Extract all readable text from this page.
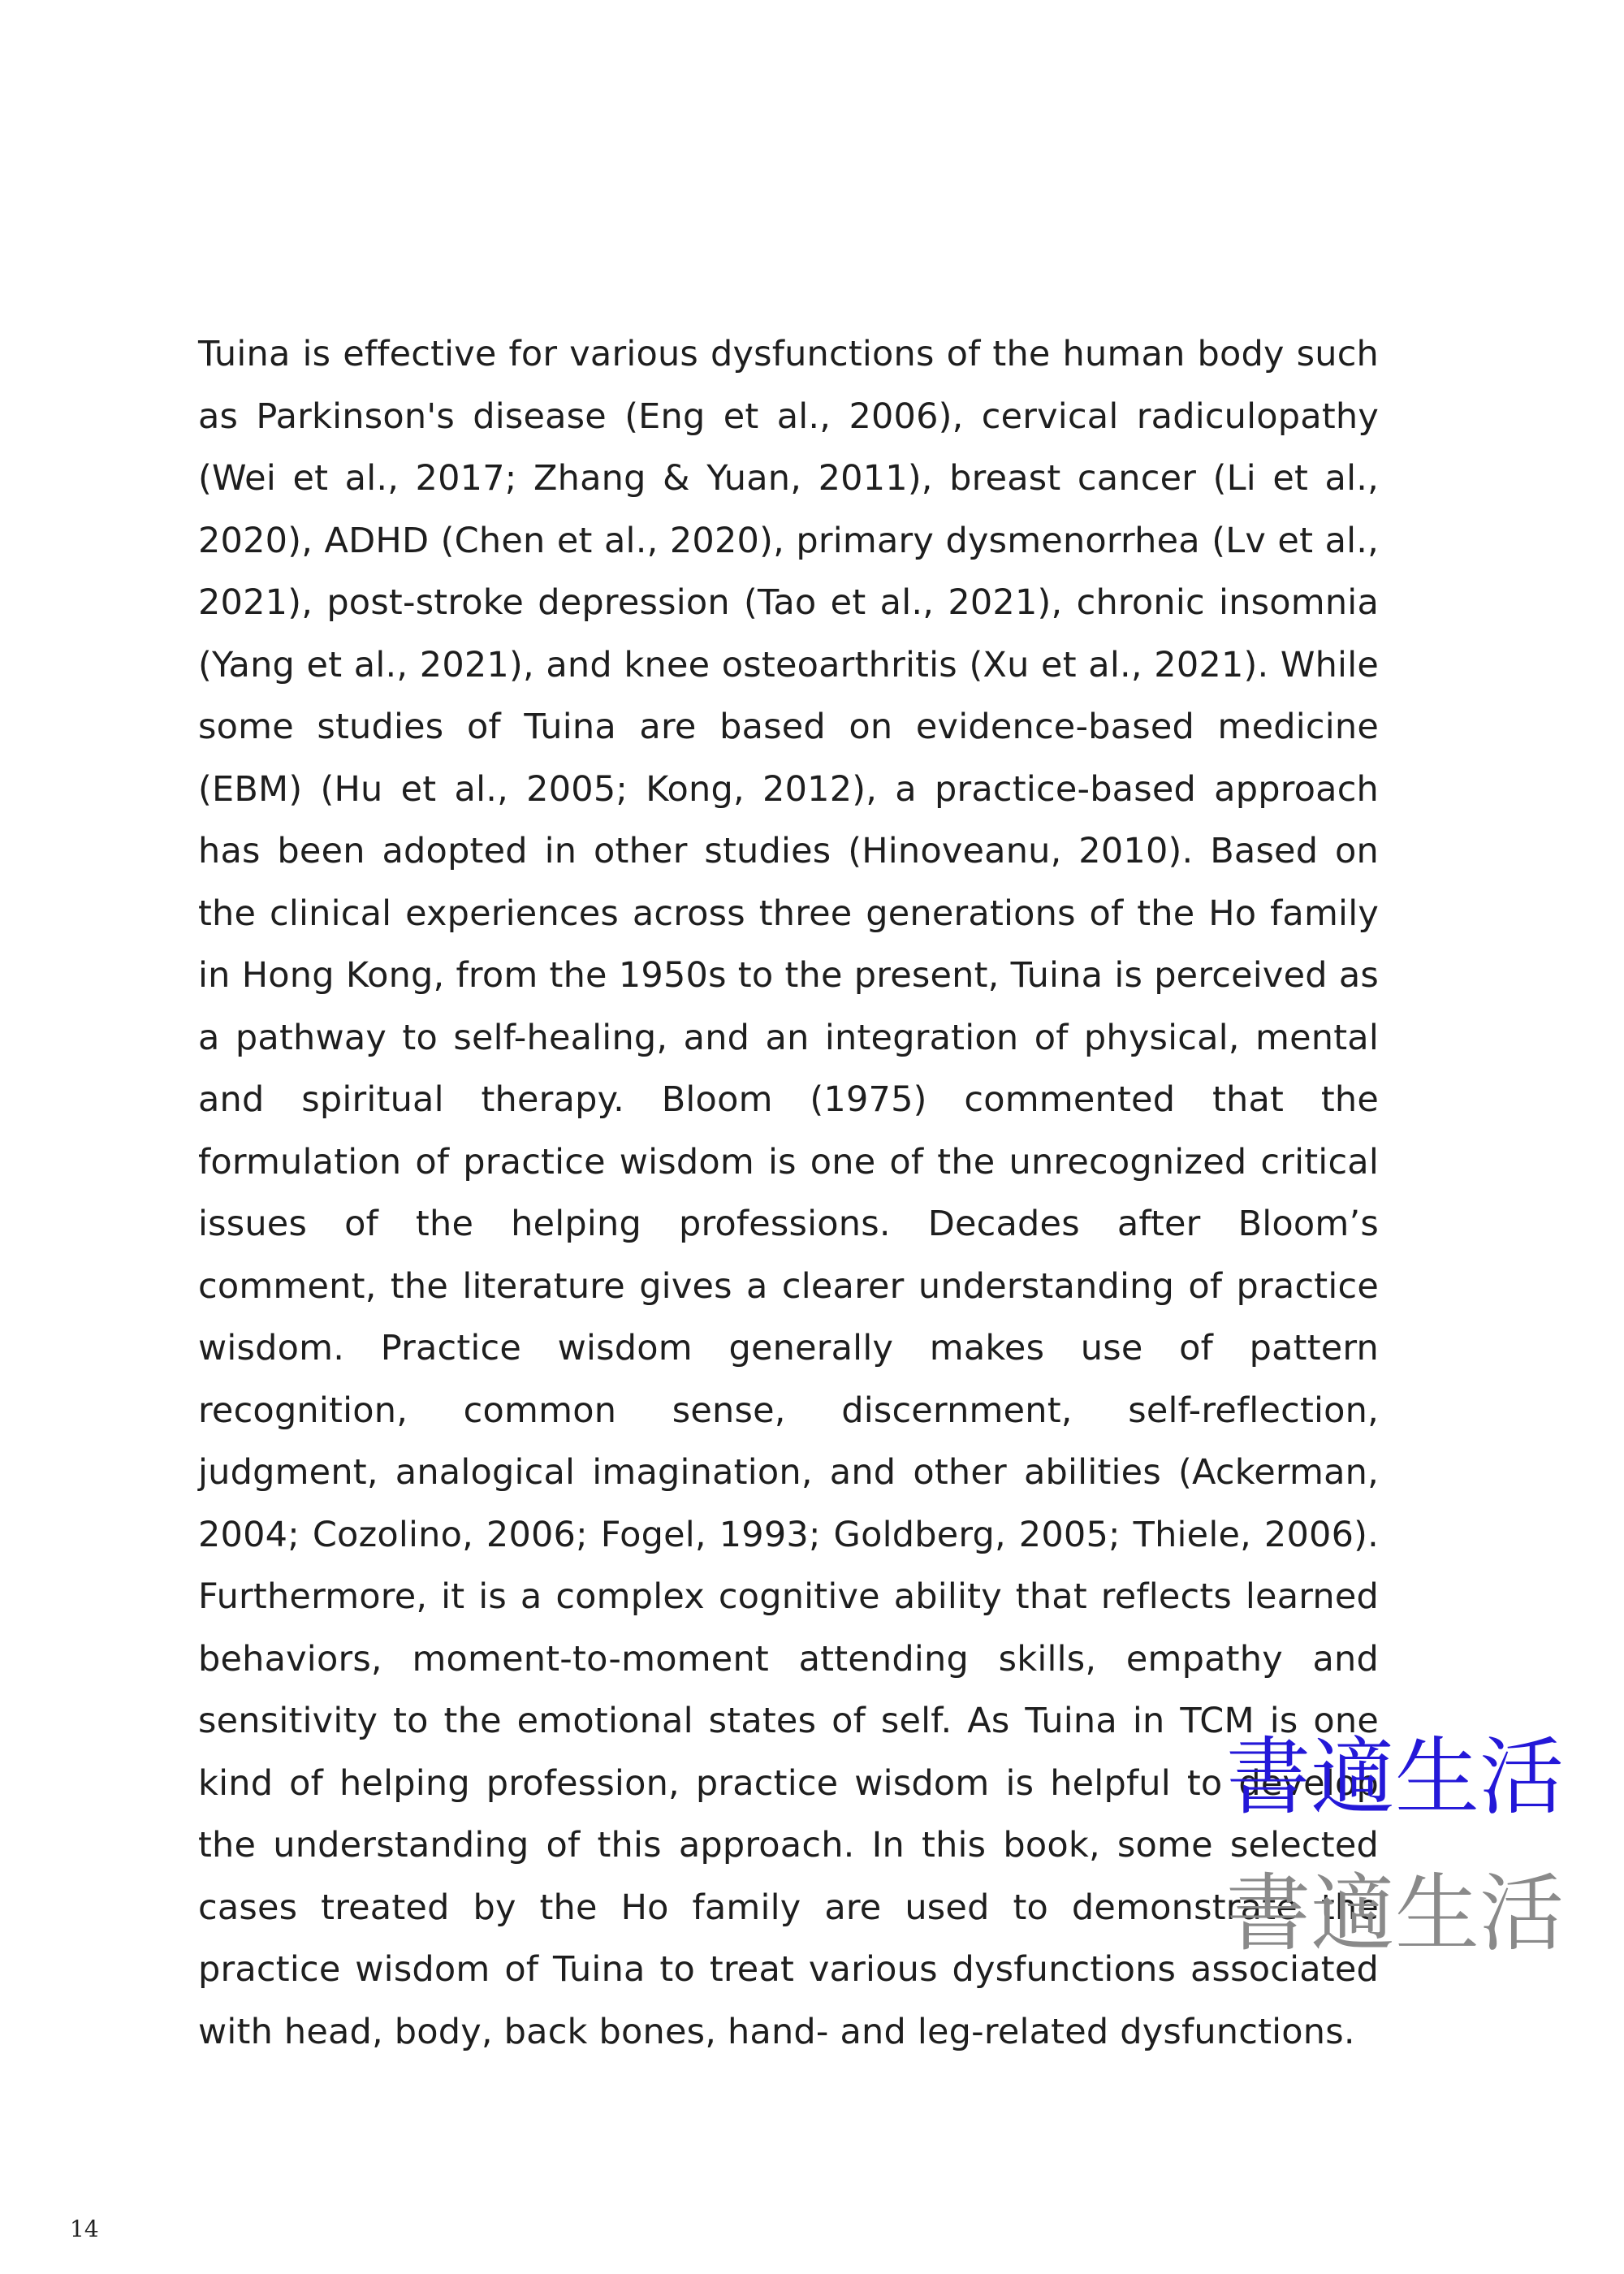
Tuina is effective for various dysfunctions of the human body such as Parkinson's disease (Eng et al., 2006), cervical radiculopathy (Wei et al., 2017; Zhang & Yuan, 2011), breast cancer (Li et al., 2020), ADHD (Chen et al., 2020), primary dysmenorrhea (Lv et al., 2021), post-stroke depression (Tao et al., 2021), chronic insomnia (Yang et al., 2021), and knee osteoarthritis (Xu et al., 2021). While some studies of Tuina are based on evidence-based medicine (EBM) (Hu et al., 2005; Kong, 2012), a practice-based approach has been adopted in other studies (Hinoveanu, 2010). Based on the clinical experiences across three generations of the Ho family in Hong Kong, from the 1950s to the present, Tuina is perceived as a pathway to self-healing, and an integration of physical, mental and spiritual therapy. Bloom (1975) commented that the formulation of practice wisdom is one of the unrecognized critical issues of the helping professions. Decades after Bloom’s comment, the literature gives a clearer understanding of practice wisdom. Practice wisdom generally makes use of pattern recognition, common sense, discernment, self-reflection, judgment, analogical imagination, and other abilities (Ackerman, 2004; Cozolino, 2006; Fogel, 1993; Goldberg, 2005; Thiele, 2006). Furthermore, it is a complex cognitive ability that reflects learned behaviors, moment-to-moment attending skills, empathy and sensitivity to the emotional states of self. As Tuina in TCM is one kind of helping profession, practice wisdom is helpful to develop the understanding of this approach. In this book, some selected cases treated by the Ho family are used to demonstrate the practice wisdom of Tuina to treat various dysfunctions associated with head, body, back bones, hand- and leg-related dysfunctions.

14
書適生活
書適生活
